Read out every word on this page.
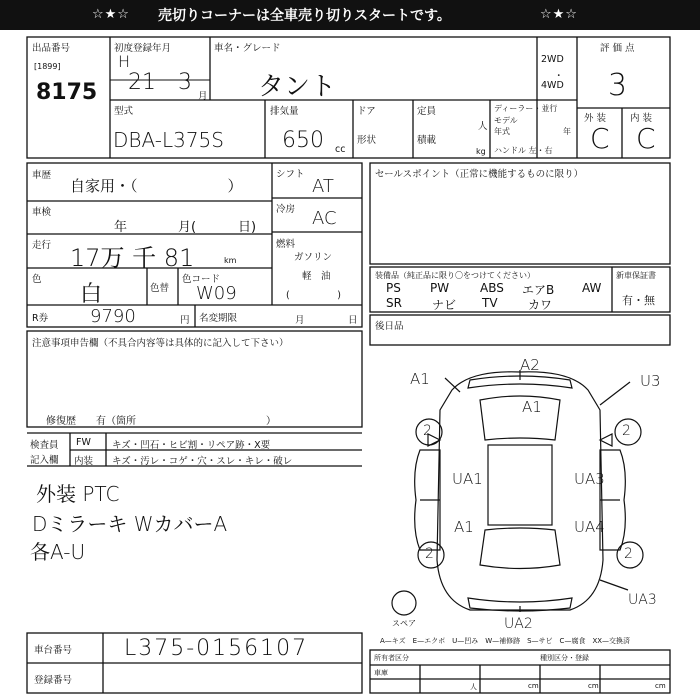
☆★☆ 売切りコーナーは全車売り切りスタートです。	☆★☆
出品番号
[1899]
8175
初度登録年月
H
21 3
月
車名・グレード
タント
2WD
・
4WD
評 価 点
3
外 装	内 装
C C
型式
DBA-L375S
排気量
650 cc
ドア
形状
定員
人
積載
kg
ディーラー・並行
モデル
年式	年
ハンドル 左・右
車歴
自家用・（　　　　　　）
車検
年	月(	日)
走行 17万 千 81	km
色
白	色替
色コード
W09
シフト
AT
冷房 AC
燃料
ガソリン
軽　油
(　　　　　)
R券 9790	円 名変期限	月	日
セールスポイント（正常に機能するものに限り）
装備品（純正品に限り〇をつけてください）
PS PW	ABS エアB AW
SR	ナビ TV	カワ
新車保証書
有・無
後日品
注意事項申告欄（不具合内容等は具体的に記入して下さい）
修復歴　　有（箇所　　　　　　　　　　　　　）
検査員
記入欄
FW キズ・凹石・ヒビ割・リペア跡・X要
内装 キズ・汚レ・コゲ・穴・スレ・キレ・破レ
外装 PTC
Dミラーキ WカバーA
各A-U
A1
A2
U3
2
A1
2
UA1	UA3
A1	UA4
2	2
UA3
UA2
スペア
A—キズ　E—エクボ　U—凹み　W—補修跡　S—サビ　C—腐食　XX—交換済
車台番号 L375-0156107
登録番号
所有者区分	種別区分・登録
車庫
人	cm	cm	cm
